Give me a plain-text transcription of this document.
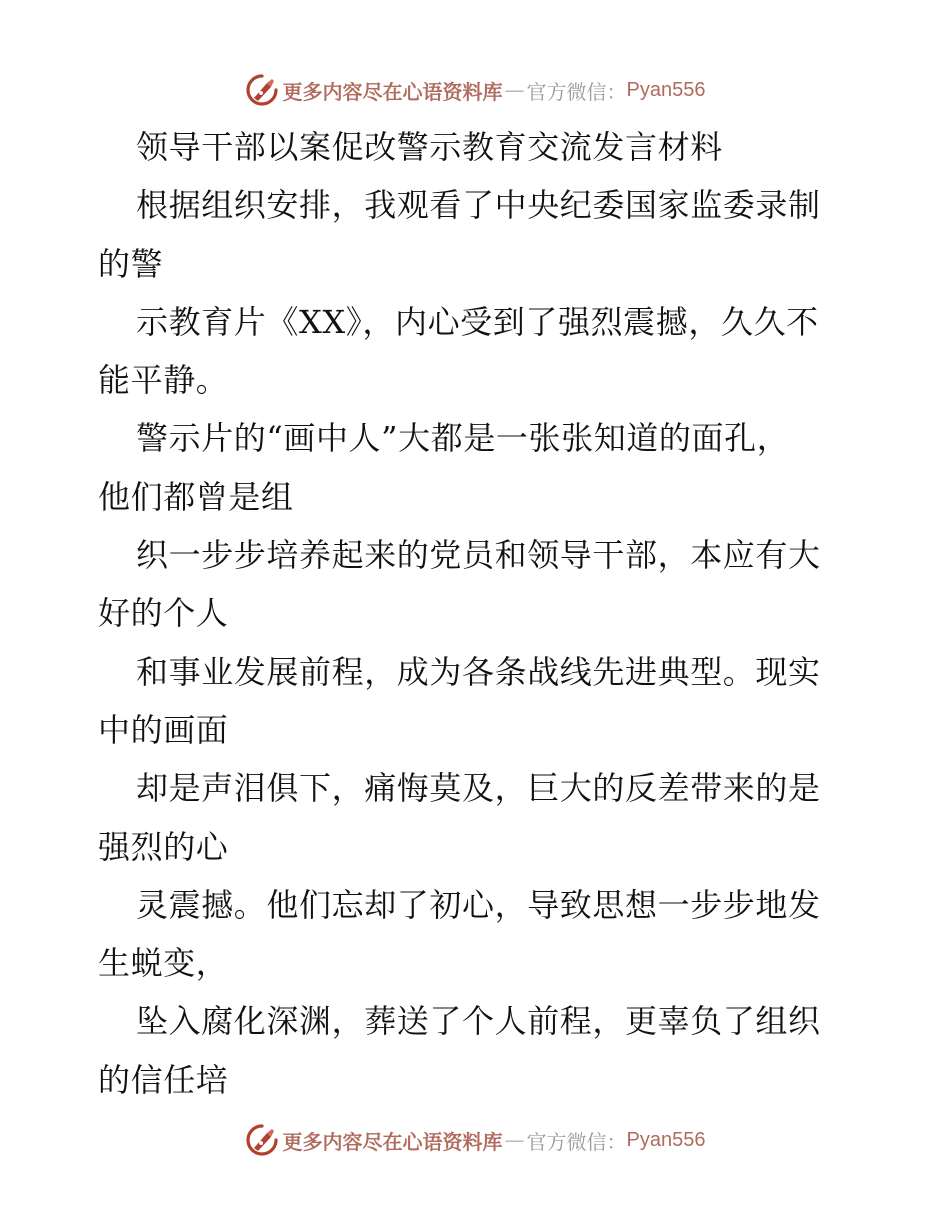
更多内容尽在心语资料库 — 官方微信： Pyan556
领导干部以案促改警示教育交流发言材料
根据组织安排，我观看了中央纪委国家监委录制
的警
示教育片《XX》，内心受到了强烈震撼，久久不
能平静。
警示片的“画中人”大都是一张张知道的面孔，
他们都曾是组
织一步步培养起来的党员和领导干部，本应有大
好的个人
和事业发展前程，成为各条战线先进典型。现实
中的画面
却是声泪俱下，痛悔莫及，巨大的反差带来的是
强烈的心
灵震撼。他们忘却了初心，导致思想一步步地发
生蜕变，
坠入腐化深渊，葬送了个人前程，更辜负了组织
的信任培
更多内容尽在心语资料库 — 官方微信： Pyan556
